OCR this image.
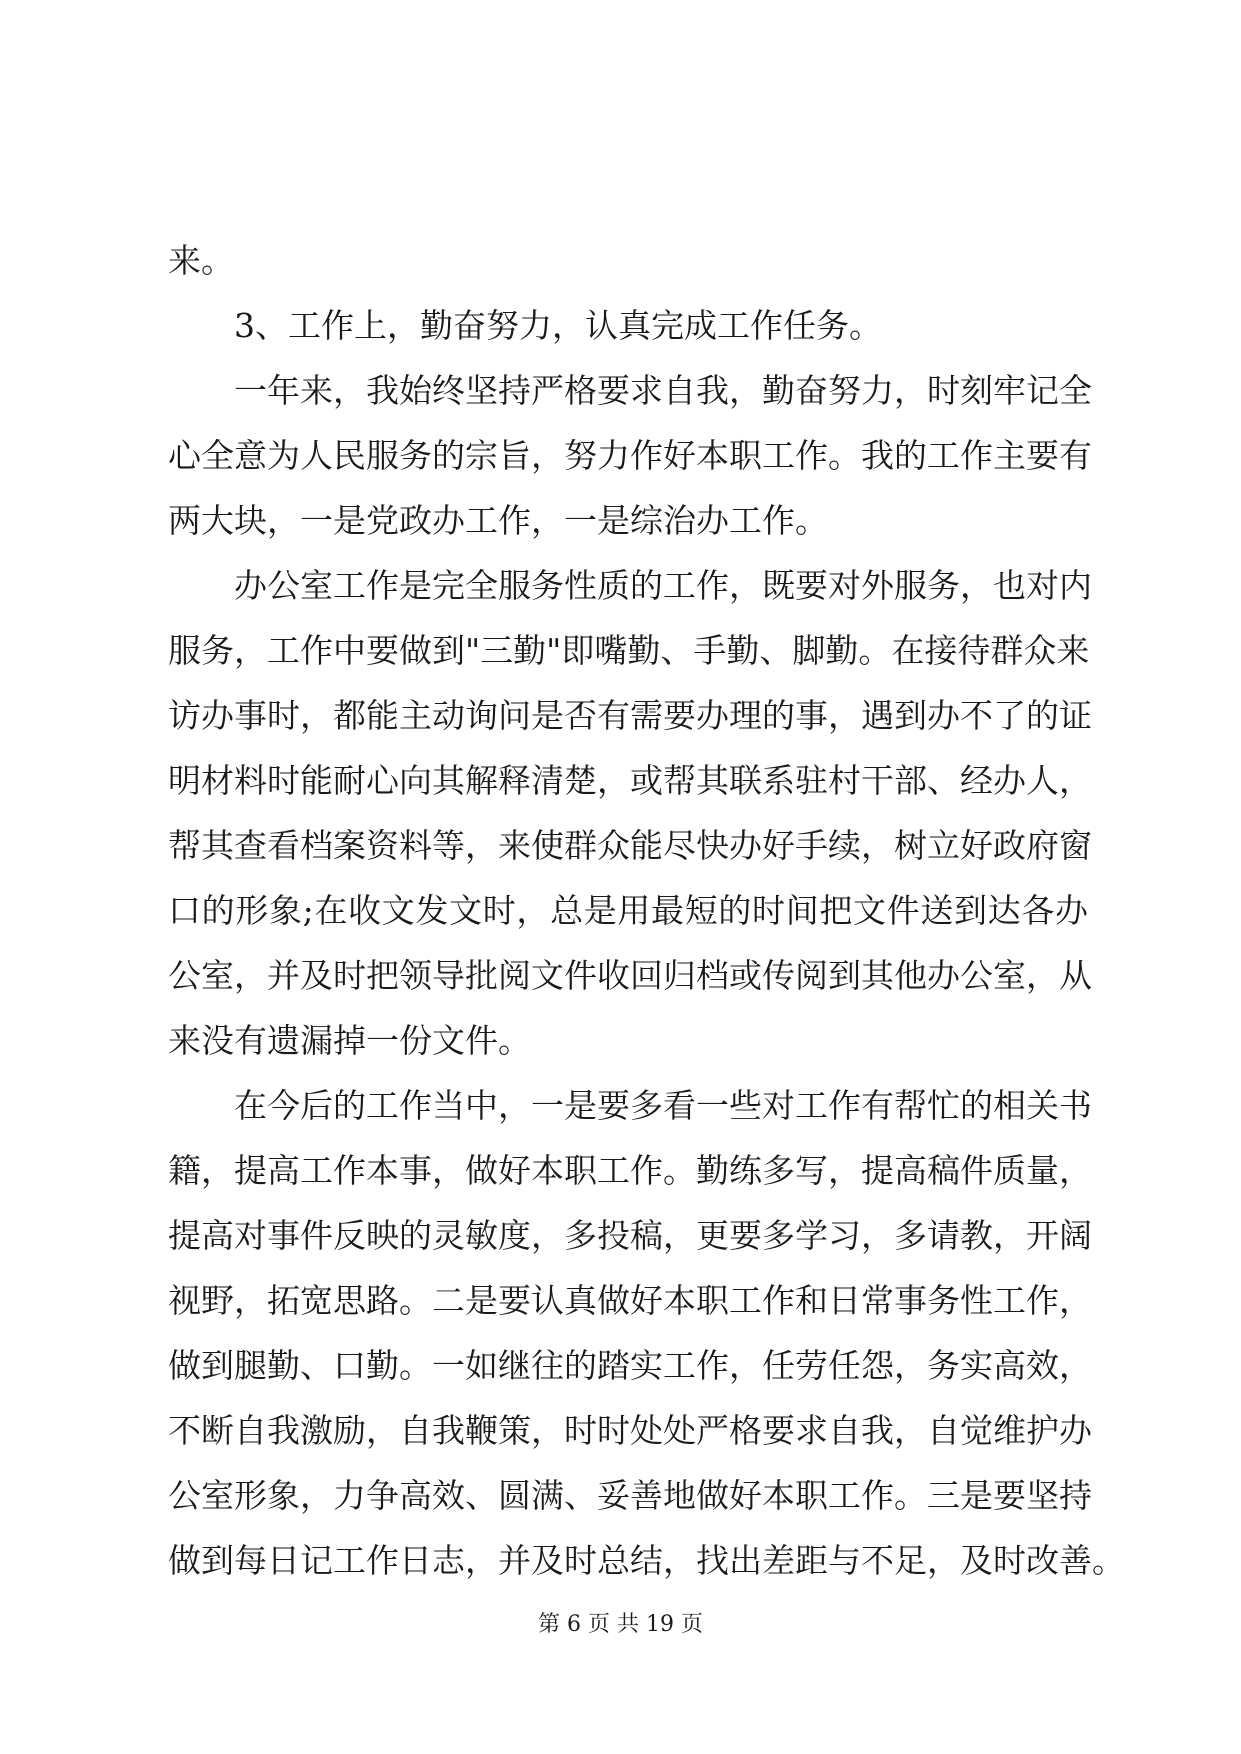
来。
3、工作上，勤奋努力，认真完成工作任务。
一年来，我始终坚持严格要求自我，勤奋努力，时刻牢记全
心全意为人民服务的宗旨，努力作好本职工作。我的工作主要有
两大块，一是党政办工作，一是综治办工作。
办公室工作是完全服务性质的工作，既要对外服务，也对内
服务，工作中要做到"三勤"即嘴勤、手勤、脚勤。在接待群众来
访办事时，都能主动询问是否有需要办理的事，遇到办不了的证
明材料时能耐心向其解释清楚，或帮其联系驻村干部、经办人，
帮其查看档案资料等，来使群众能尽快办好手续，树立好政府窗
口的形象;在收文发文时，总是用最短的时间把文件送到达各办
公室，并及时把领导批阅文件收回归档或传阅到其他办公室，从
来没有遗漏掉一份文件。
在今后的工作当中，一是要多看一些对工作有帮忙的相关书
籍，提高工作本事，做好本职工作。勤练多写，提高稿件质量，
提高对事件反映的灵敏度，多投稿，更要多学习，多请教，开阔
视野，拓宽思路。二是要认真做好本职工作和日常事务性工作，
做到腿勤、口勤。一如继往的踏实工作，任劳任怨，务实高效，
不断自我激励，自我鞭策，时时处处严格要求自我，自觉维护办
公室形象，力争高效、圆满、妥善地做好本职工作。三是要坚持
做到每日记工作日志，并及时总结，找出差距与不足，及时改善。
第 6 页 共 19 页
